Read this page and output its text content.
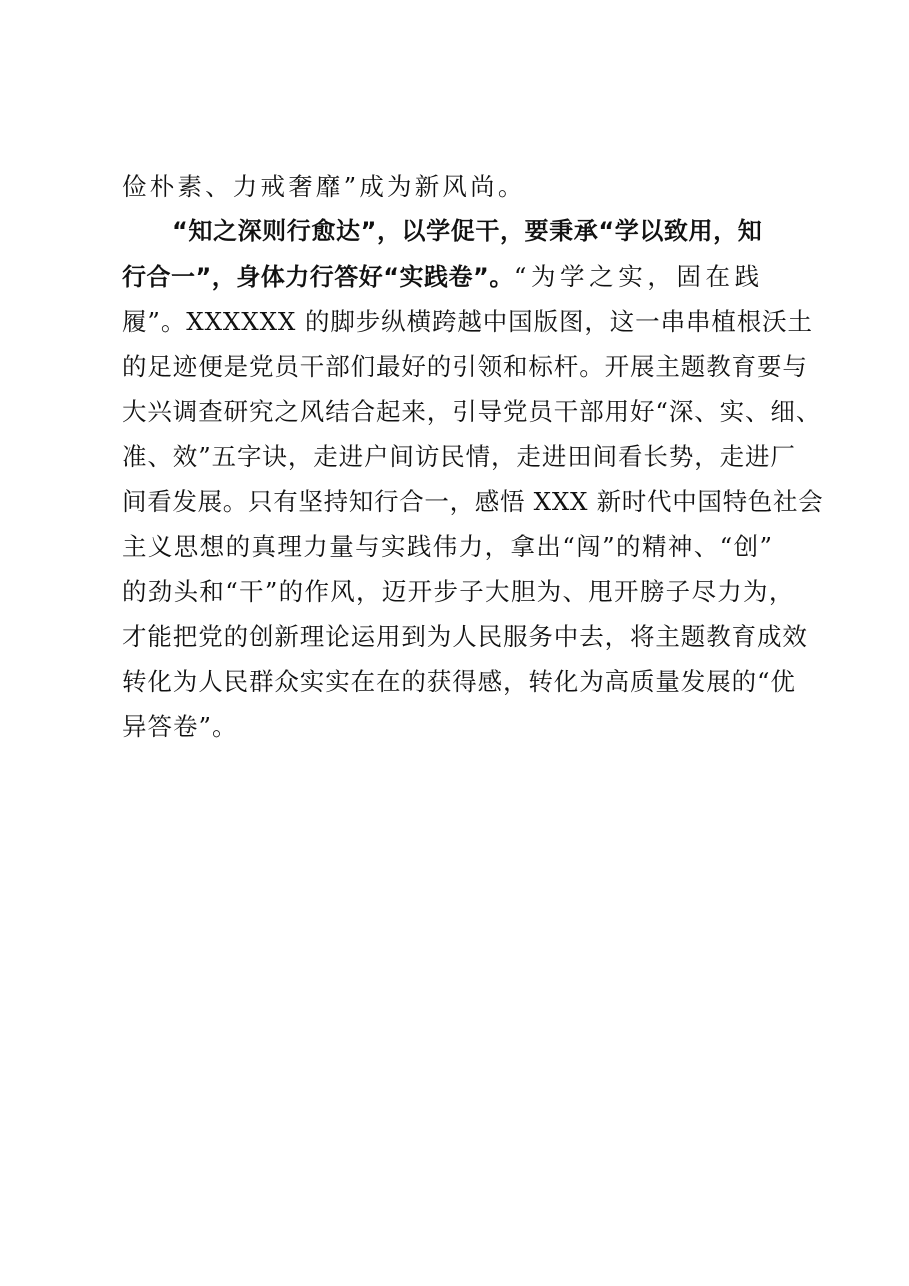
俭朴素、力戒奢靡”成为新风尚。

“知之深则行愈达”，以学促干，要秉承“学以致用，知

行合一”，身体力行答好“实践卷”。“为学之实，固在践

履”。XXXXXX 的脚步纵横跨越中国版图，这一串串植根沃土

的足迹便是党员干部们最好的引领和标杆。开展主题教育要与

大兴调查研究之风结合起来，引导党员干部用好“深、实、细、

准、效”五字诀，走进户间访民情，走进田间看长势，走进厂

间看发展。只有坚持知行合一，感悟 XXX 新时代中国特色社会

主义思想的真理力量与实践伟力，拿出“闯”的精神、“创”

的劲头和“干”的作风，迈开步子大胆为、甩开膀子尽力为，

才能把党的创新理论运用到为人民服务中去，将主题教育成效

转化为人民群众实实在在的获得感，转化为高质量发展的“优

异答卷”。
